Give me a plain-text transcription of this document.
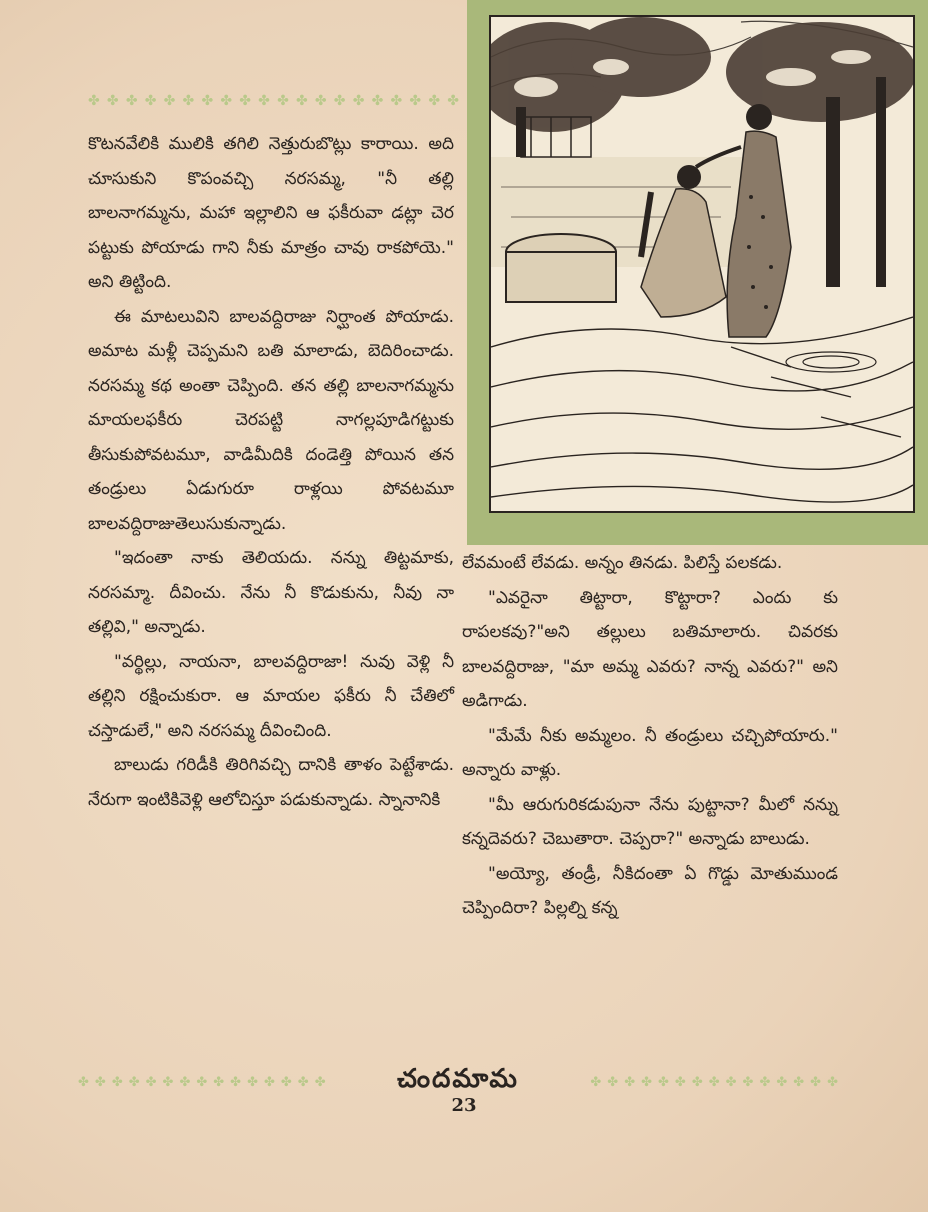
✤ ✤ ✤ ✤ ✤ ✤ ✤ ✤ ✤ ✤ ✤ ✤ ✤ ✤ ✤ ✤ ✤ ✤ ✤ ✤

కొటనవేలికి ములికి తగిలి నెత్తురుబొట్లు కారాయి. అది చూసుకుని కొపంవచ్చి నరసమ్మ, "నీ తల్లి బాలనాగమ్మను, మహా ఇల్లాలిని ఆ ఫకీరువా డట్లా చెర పట్టుకు పోయాడు గాని నీకు మాత్రం చావు రాకపోయె." అని తిట్టింది.

ఈ మాటలువిని బాలవద్దిరాజు నిర్ఘాంత పోయాడు. అమాట మళ్లీ చెప్పమని బతి మాలాడు, బెదిరించాడు. నరసమ్మ కథ అంతా చెప్పింది. తన తల్లి బాలనాగమ్మను మాయలఫకీరు చెరపట్టి నాగల్లపూడిగట్టుకు తీసుకుపోవటమూ, వాడిమీదికి దండెత్తి పోయిన తన తండ్రులు ఏడుగురూ రాళ్లయి పోవటమూ బాలవద్దిరాజుతెలుసుకున్నాడు.

"ఇదంతా నాకు తెలియదు. నన్ను తిట్టమాకు, నరసమ్మా. దీవించు. నేను నీ కొడుకును, నీవు నా తల్లివి," అన్నాడు.

"వర్థిల్లు, నాయనా, బాలవద్దిరాజా! నువు వెళ్లి నీ తల్లిని రక్షించుకురా. ఆ మాయల ఫకీరు నీ చేతిలో చస్తాడులే," అని నరసమ్మ దీవించింది.

బాలుడు గరిడీకి తిరిగివచ్చి దానికి తాళం పెట్టేశాడు. నేరుగా ఇంటికివెళ్లి ఆలోచిస్తూ పడుకున్నాడు. స్నానానికి

లేవమంటే లేవడు. అన్నం తినడు. పిలిస్తే పలకడు.

"ఎవరైనా తిట్టారా, కొట్టారా? ఎందు కు రాపలకవు?"అని తల్లులు బతిమాలారు. చివరకు బాలవద్దిరాజు, "మా అమ్మ ఎవరు? నాన్న ఎవరు?" అని అడిగాడు.

"మేమే నీకు అమ్మలం. నీ తండ్రులు చచ్చిపోయారు." అన్నారు వాళ్లు.

"మీ ఆరుగురికడుపునా నేను పుట్టానా? మీలో నన్ను కన్నదెవరు? చెబుతారా. చెప్పరా?" అన్నాడు బాలుడు.

"అయ్యో, తండ్రీ, నీకిదంతా ఏ గొడ్డు మోతుముండ చెప్పిందిరా? పిల్లల్ని కన్న

✤ ✤ ✤ ✤ ✤ ✤ ✤ ✤ ✤ ✤ ✤ ✤ ✤ ✤ ✤	చందమామ	✤ ✤ ✤ ✤ ✤ ✤ ✤ ✤ ✤ ✤ ✤ ✤ ✤ ✤ ✤
23
